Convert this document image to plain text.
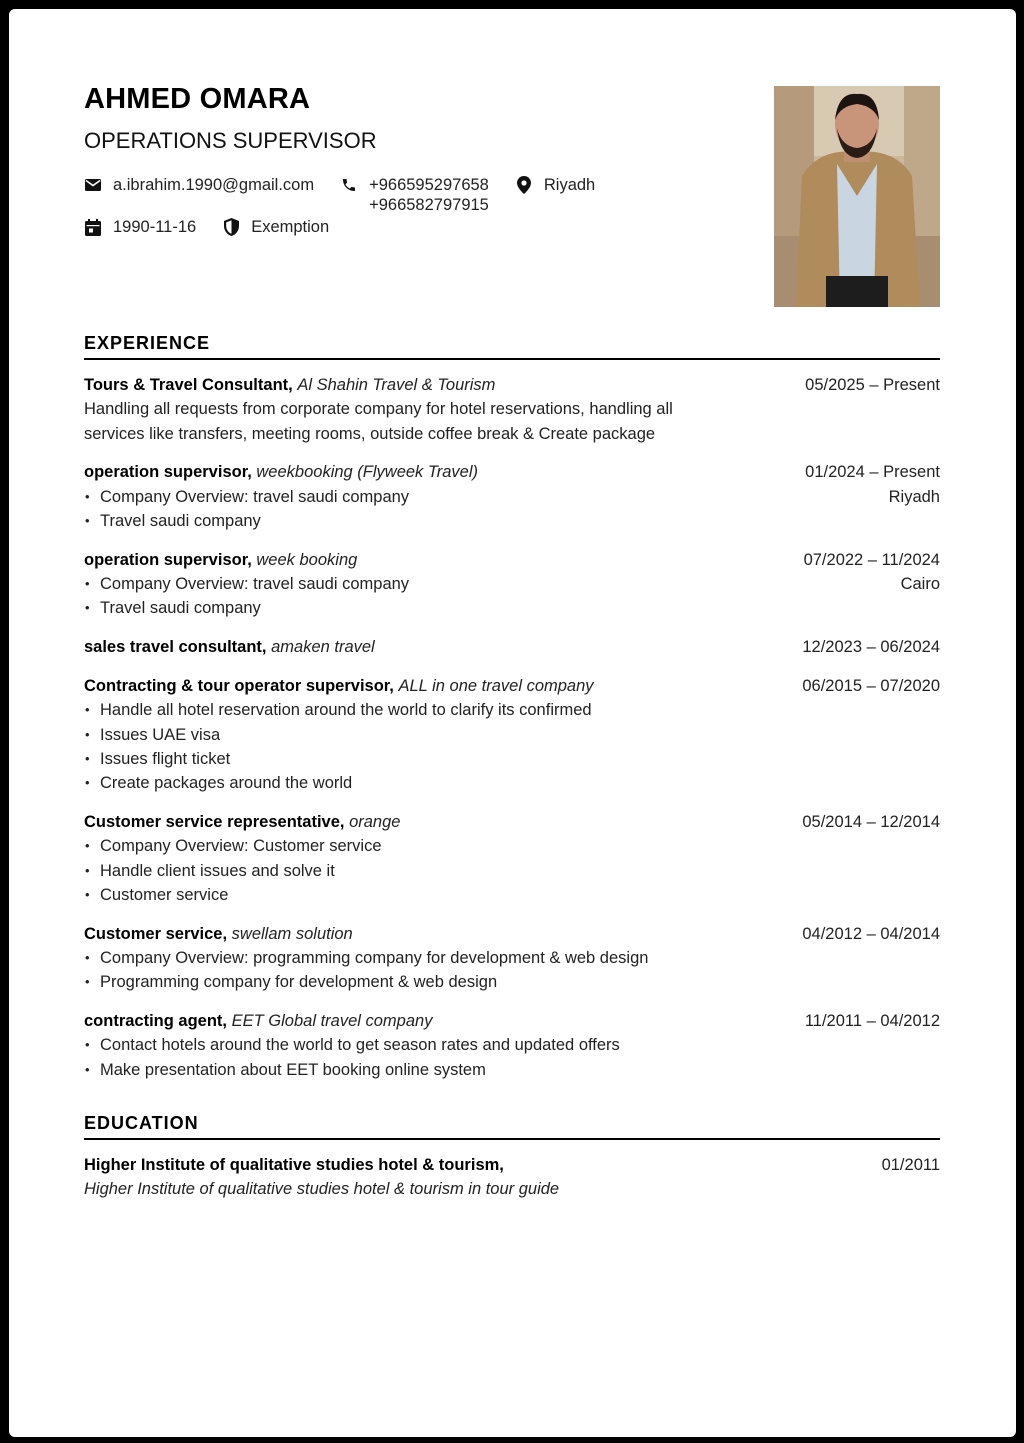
AHMED OMARA
OPERATIONS SUPERVISOR
a.ibrahim.1990@gmail.com	+966595297658
+966582797915
Riyadh
1990-11-16	Exemption
EXPERIENCE
Tours & Travel Consultant, Al Shahin Travel & Tourism	05/2025 – Present
Handling all requests from corporate company for hotel reservations, handling all services like transfers, meeting rooms, outside coffee break & Create package
operation supervisor, weekbooking (Flyweek Travel)	01/2024 – Present
Riyadh
• Company Overview: travel saudi company
• Travel saudi company
operation supervisor, week booking	07/2022 – 11/2024
Cairo
• Company Overview: travel saudi company
• Travel saudi company
sales travel consultant, amaken travel	12/2023 – 06/2024
Contracting & tour operator supervisor, ALL in one travel company	06/2015 – 07/2020
• Handle all hotel reservation around the world to clarify its confirmed
• Issues UAE visa
• Issues flight ticket
• Create packages around the world
Customer service representative, orange	05/2014 – 12/2014
• Company Overview: Customer service
• Handle client issues and solve it
• Customer service
Customer service, swellam solution	04/2012 – 04/2014
• Company Overview: programming company for development & web design
• Programming company for development & web design
contracting agent, EET Global travel company	11/2011 – 04/2012
• Contact hotels around the world to get season rates and updated offers
• Make presentation about EET booking online system
EDUCATION
Higher Institute of qualitative studies hotel & tourism,	01/2011
Higher Institute of qualitative studies hotel & tourism in tour guide
